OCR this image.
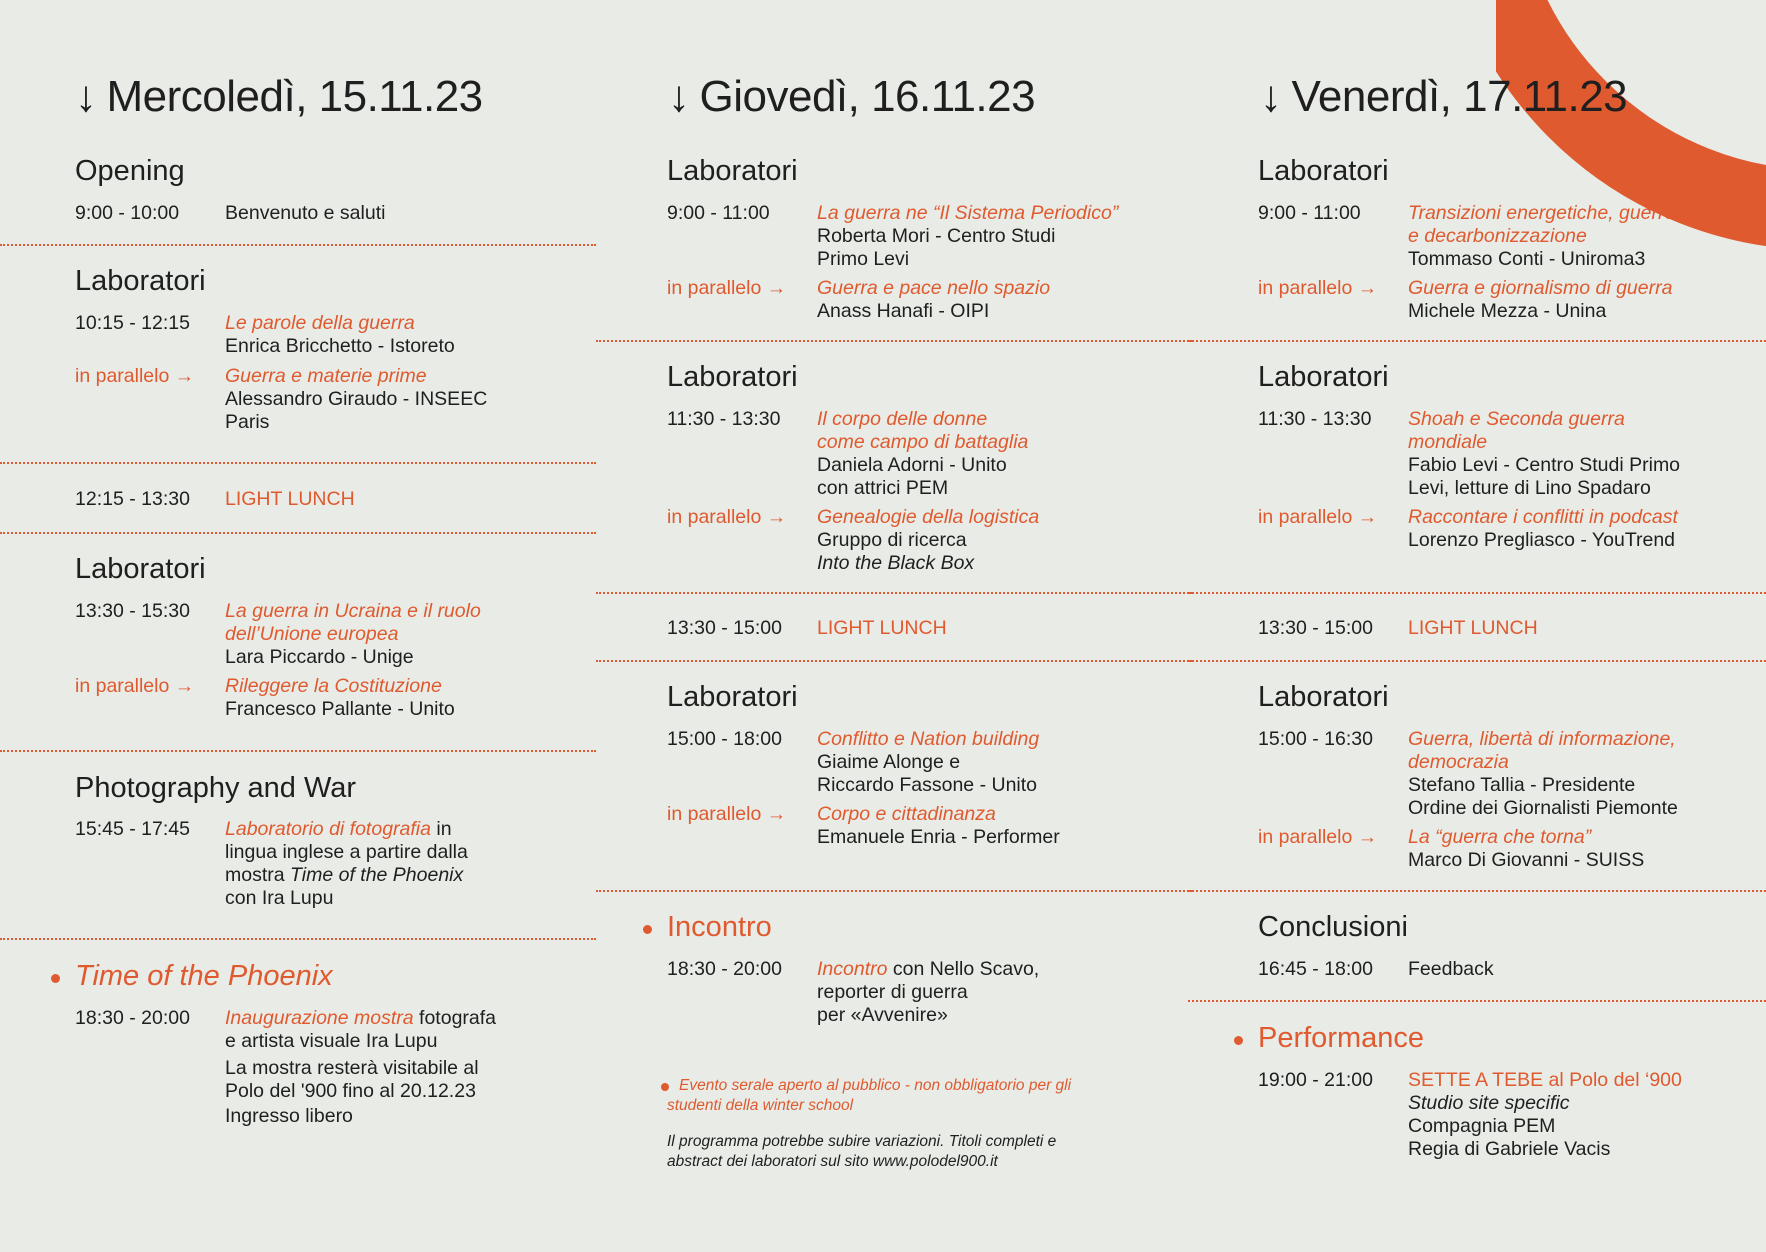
↓ Mercoledì, 15.11.23
Opening
9:00 - 10:00 Benvenuto e saluti
Laboratori
10:15 - 12:15 Le parole della guerra
Enrica Bricchetto - Istoreto
in parallelo → Guerra e materie prime
Alessandro Giraudo - INSEEC
Paris
12:15 - 13:30 LIGHT LUNCH
Laboratori
13:30 - 15:30 La guerra in Ucraina e il ruolo
dell’Unione europea
Lara Piccardo - Unige
in parallelo → Rileggere la Costituzione
Francesco Pallante - Unito
Photography and War
15:45 - 17:45 Laboratorio di fotografia in
lingua inglese a partire dalla
mostra Time of the Phoenix
con Ira Lupu
Time of the Phoenix
18:30 - 20:00 Inaugurazione mostra fotografa
e artista visuale Ira Lupu
La mostra resterà visitabile al
Polo del '900 fino al 20.12.23
Ingresso libero
↓ Giovedì, 16.11.23
Laboratori
9:00 - 11:00 La guerra ne “Il Sistema Periodico”
Roberta Mori - Centro Studi
Primo Levi
in parallelo → Guerra e pace nello spazio
Anass Hanafi - OIPI
Laboratori
11:30 - 13:30 Il corpo delle donne
come campo di battaglia
Daniela Adorni - Unito
con attrici PEM
in parallelo → Genealogie della logistica
Gruppo di ricerca
Into the Black Box
13:30 - 15:00 LIGHT LUNCH
Laboratori
15:00 - 18:00 Conflitto e Nation building
Giaime Alonge e
Riccardo Fassone - Unito
in parallelo → Corpo e cittadinanza
Emanuele Enria - Performer
Incontro
18:30 - 20:00 Incontro con Nello Scavo,
reporter di guerra
per «Avvenire»
Evento serale aperto al pubblico - non obbligatorio per gli
studenti della winter school
Il programma potrebbe subire variazioni. Titoli completi e
abstract dei laboratori sul sito www.polodel900.it
↓ Venerdì, 17.11.23
Laboratori
9:00 - 11:00 Transizioni energetiche, guerre
e decarbonizzazione
Tommaso Conti - Uniroma3
in parallelo → Guerra e giornalismo di guerra
Michele Mezza - Unina
Laboratori
11:30 - 13:30 Shoah e Seconda guerra
mondiale
Fabio Levi - Centro Studi Primo
Levi, letture di Lino Spadaro
in parallelo → Raccontare i conflitti in podcast
Lorenzo Pregliasco - YouTrend
13:30 - 15:00 LIGHT LUNCH
Laboratori
15:00 - 16:30 Guerra, libertà di informazione,
democrazia
Stefano Tallia - Presidente
Ordine dei Giornalisti Piemonte
in parallelo → La “guerra che torna”
Marco Di Giovanni - SUISS
Conclusioni
16:45 - 18:00 Feedback
Performance
19:00 - 21:00 SETTE A TEBE al Polo del ‘900
Studio site specific
Compagnia PEM
Regia di Gabriele Vacis
